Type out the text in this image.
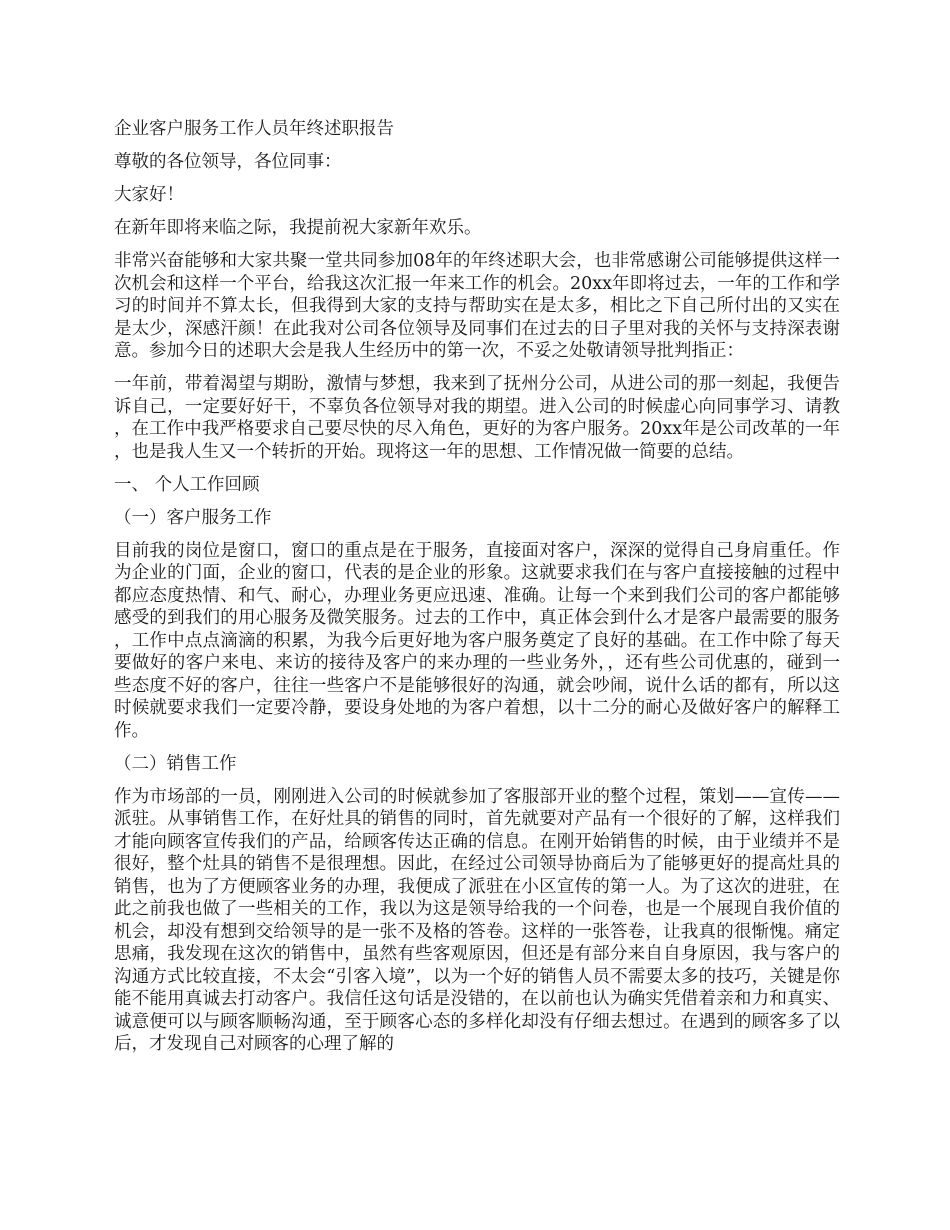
企业客户服务工作人员年终述职报告

尊敬的各位领导，各位同事：

大家好！

在新年即将来临之际，我提前祝大家新年欢乐。

非常兴奋能够和大家共聚一堂共同参加08年的年终述职大会，也非常感谢公司能够提供这样一次机会和这样一个平台，给我这次汇报一年来工作的机会。20xx年即将过去，一年的工作和学习的时间并不算太长，但我得到大家的支持与帮助实在是太多，相比之下自己所付出的又实在是太少，深感汗颜！在此我对公司各位领导及同事们在过去的日子里对我的关怀与支持深表谢意。参加今日的述职大会是我人生经历中的第一次，不妥之处敬请领导批判指正：

一年前，带着渴望与期盼，激情与梦想，我来到了抚州分公司，从进公司的那一刻起，我便告诉自己，一定要好好干，不辜负各位领导对我的期望。进入公司的时候虚心向同事学习、请教，在工作中我严格要求自己要尽快的尽入角色，更好的为客户服务。20xx年是公司改革的一年，也是我人生又一个转折的开始。现将这一年的思想、工作情况做一简要的总结。

一、 个人工作回顾

（一）客户服务工作

目前我的岗位是窗口，窗口的重点是在于服务，直接面对客户，深深的觉得自己身肩重任。作为企业的门面，企业的窗口，代表的是企业的形象。这就要求我们在与客户直接接触的过程中都应态度热情、和气、耐心，办理业务更应迅速、准确。让每一个来到我们公司的客户都能够感受的到我们的用心服务及微笑服务。过去的工作中，真正体会到什么才是客户最需要的服务，工作中点点滴滴的积累，为我今后更好地为客户服务奠定了良好的基础。在工作中除了每天要做好的客户来电、来访的接待及客户的来办理的一些业务外，，还有些公司优惠的，碰到一些态度不好的客户，往往一些客户不是能够很好的沟通，就会吵闹，说什么话的都有，所以这时候就要求我们一定要冷静，要设身处地的为客户着想，以十二分的耐心及做好客户的解释工作。

（二）销售工作

作为市场部的一员，刚刚进入公司的时候就参加了客服部开业的整个过程，策划——宣传——派驻。从事销售工作，在好灶具的销售的同时，首先就要对产品有一个很好的了解，这样我们才能向顾客宣传我们的产品，给顾客传达正确的信息。在刚开始销售的时候，由于业绩并不是很好，整个灶具的销售不是很理想。因此，在经过公司领导协商后为了能够更好的提高灶具的销售，也为了方便顾客业务的办理，我便成了派驻在小区宣传的第一人。为了这次的进驻，在此之前我也做了一些相关的工作，我以为这是领导给我的一个问卷，也是一个展现自我价值的机会，却没有想到交给领导的是一张不及格的答卷。这样的一张答卷，让我真的很惭愧。痛定思痛，我发现在这次的销售中，虽然有些客观原因，但还是有部分来自自身原因，我与客户的沟通方式比较直接，不太会“引客入境”，以为一个好的销售人员不需要太多的技巧，关键是你能不能用真诚去打动客户。我信任这句话是没错的，在以前也认为确实凭借着亲和力和真实、诚意便可以与顾客顺畅沟通，至于顾客心态的多样化却没有仔细去想过。在遇到的顾客多了以后，才发现自己对顾客的心理了解的
